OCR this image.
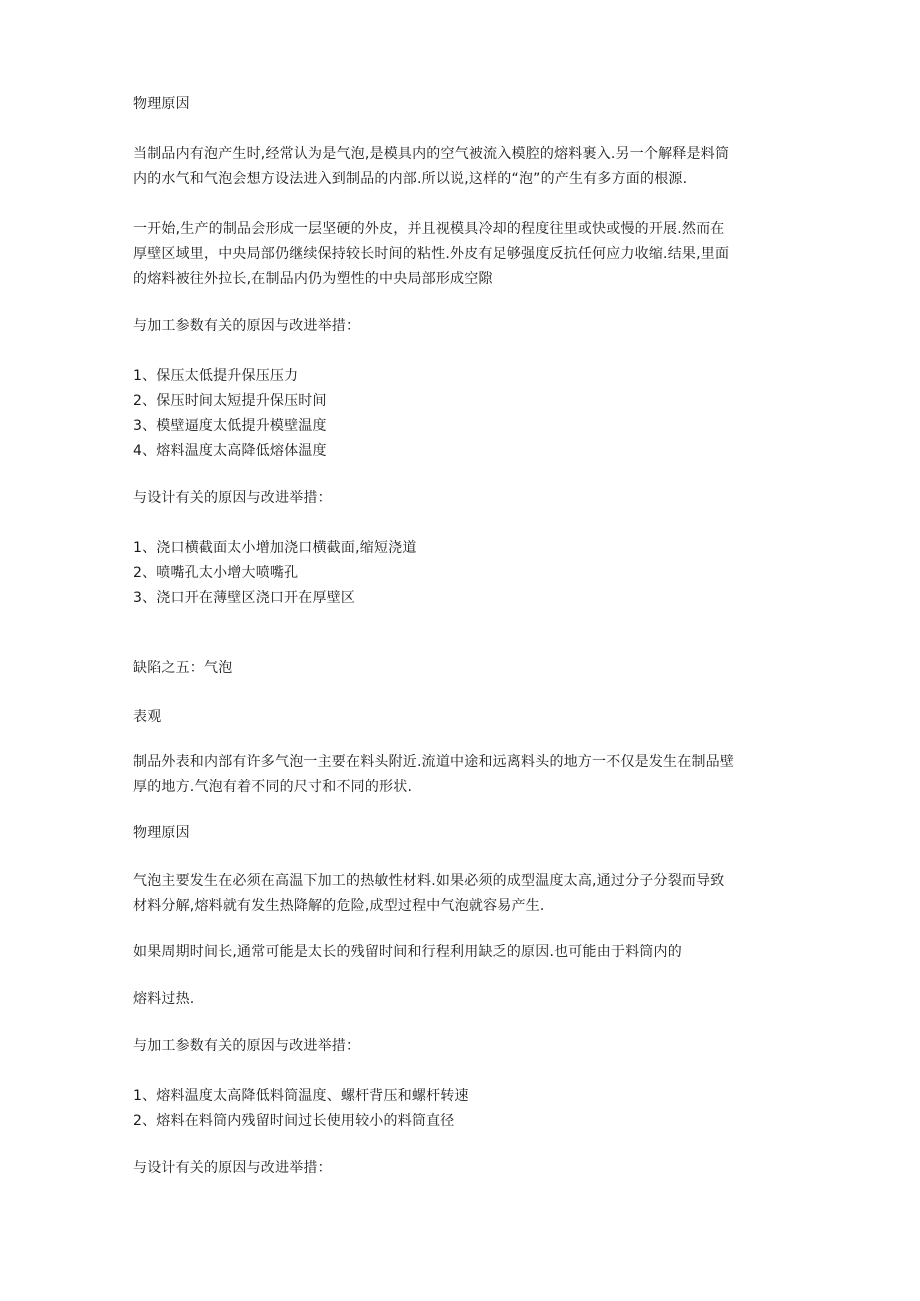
物理原因
当制品内有泡产生时,经常认为是气泡,是模具内的空气被流入模腔的熔料裹入.另一个解释是料筒
内的水气和气泡会想方设法进入到制品的内部.所以说,这样的“泡”的产生有多方面的根源.
一开始,生产的制品会形成一层坚硬的外皮，并且视模具冷却的程度往里或快或慢的开展.然而在
厚壁区域里，中央局部仍继续保持较长时间的粘性.外皮有足够强度反抗任何应力收缩.结果,里面
的熔料被往外拉长,在制品内仍为塑性的中央局部形成空隙
与加工参数有关的原因与改进举措：
1、保压太低提升保压压力
2、保压时间太短提升保压时间
3、模壁逼度太低提升模壁温度
4、熔料温度太高降低熔体温度
与设计有关的原因与改进举措：
1、浇口横截面太小增加浇口横截面,缩短浇道
2、喷嘴孔太小增大喷嘴孔
3、浇口开在薄壁区浇口开在厚壁区
缺陷之五：气泡
表观
制品外表和内部有许多气泡一主要在料头附近.流道中途和远离料头的地方一不仅是发生在制品壁
厚的地方.气泡有着不同的尺寸和不同的形状.
物理原因
气泡主要发生在必须在高温下加工的热敏性材料.如果必须的成型温度太高,通过分子分裂而导致
材料分解,熔料就有发生热降解的危险,成型过程中气泡就容易产生.
如果周期时间长,通常可能是太长的残留时间和行程利用缺乏的原因.也可能由于料筒内的
熔料过热.
与加工参数有关的原因与改进举措：
1、熔料温度太高降低料筒温度、螺杆背压和螺杆转速
2、熔料在料筒内残留时间过长使用较小的料筒直径
与设计有关的原因与改进举措：
